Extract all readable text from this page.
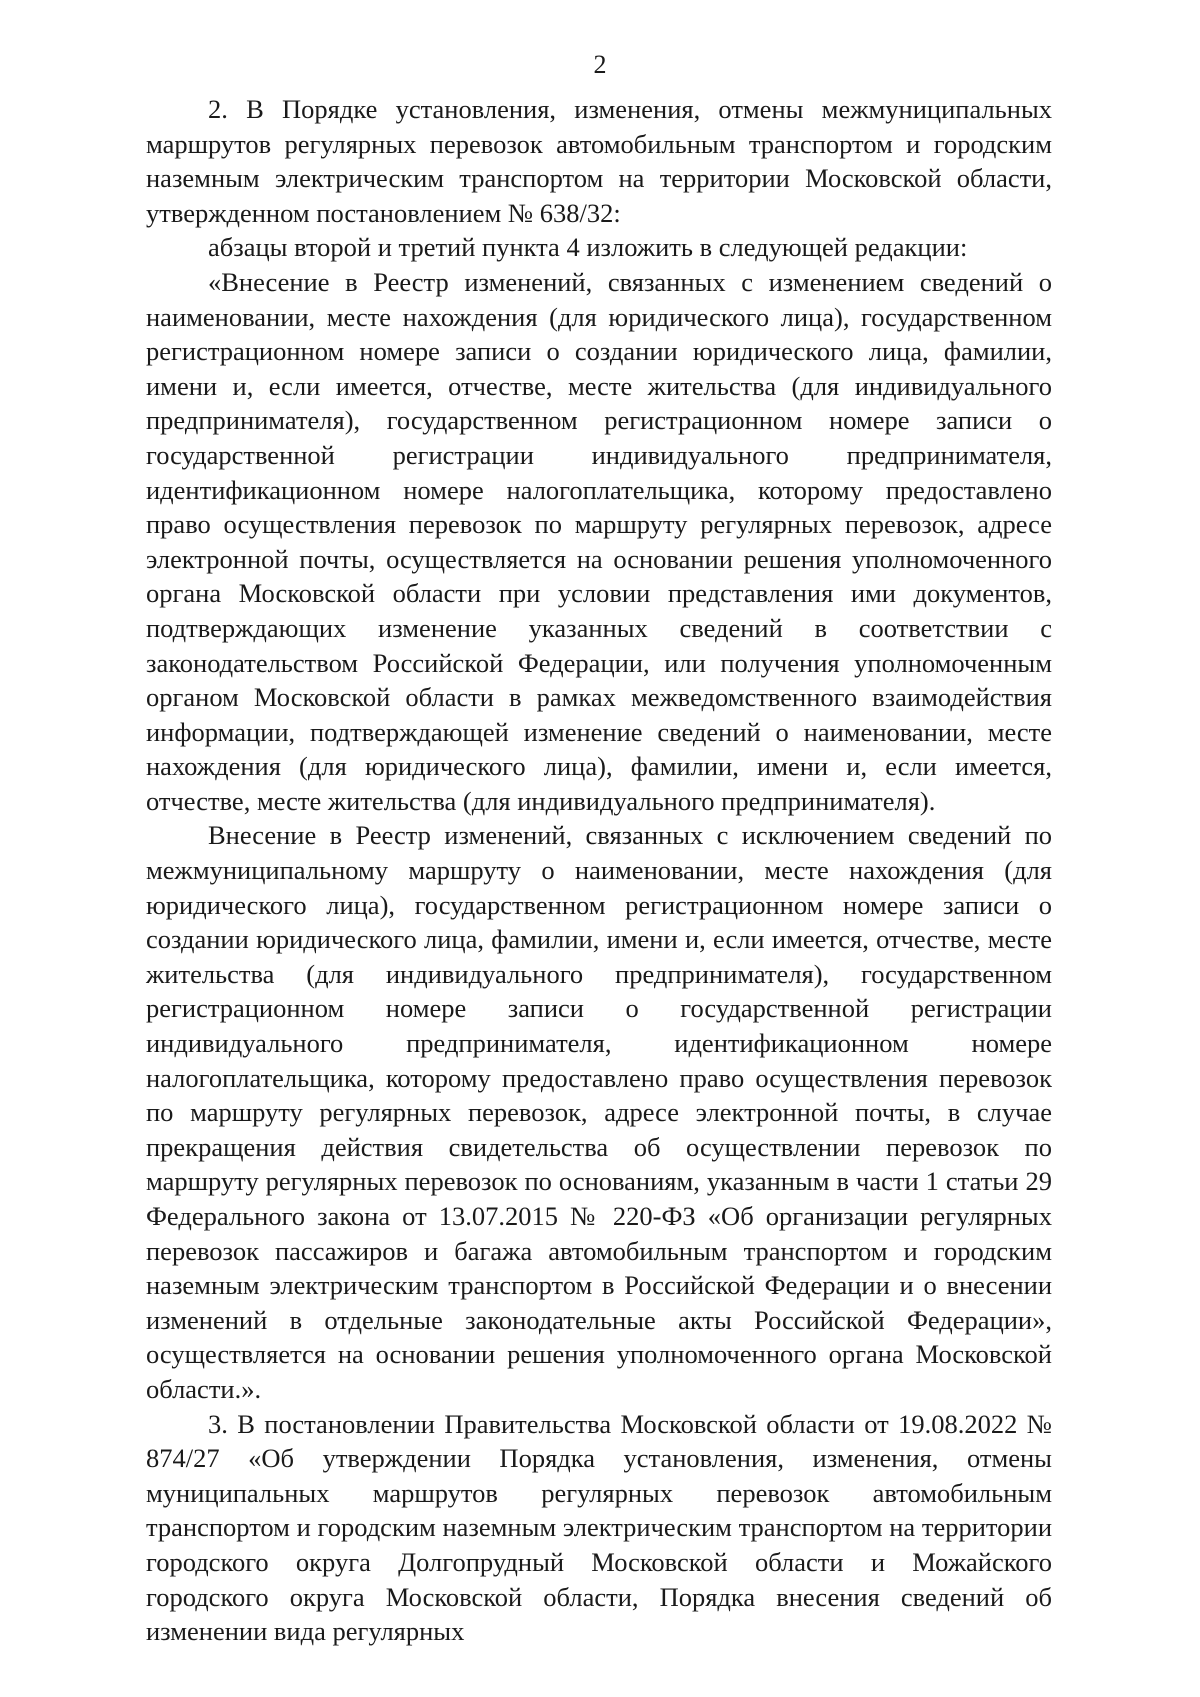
2

2. В Порядке установления, изменения, отмены межмуниципальных маршрутов регулярных перевозок автомобильным транспортом и городским наземным электрическим транспортом на территории Московской области, утвержденном постановлением № 638/32:

абзацы второй и третий пункта 4 изложить в следующей редакции:

«Внесение в Реестр изменений, связанных с изменением сведений о наименовании, месте нахождения (для юридического лица), государственном регистрационном номере записи о создании юридического лица, фамилии, имени и, если имеется, отчестве, месте жительства (для индивидуального предпринимателя), государственном регистрационном номере записи о государственной регистрации индивидуального предпринимателя, идентификационном номере налогоплательщика, которому предоставлено право осуществления перевозок по маршруту регулярных перевозок, адресе электронной почты, осуществляется на основании решения уполномоченного органа Московской области при условии представления ими документов, подтверждающих изменение указанных сведений в соответствии с законодательством Российской Федерации, или получения уполномоченным органом Московской области в рамках межведомственного взаимодействия информации, подтверждающей изменение сведений о наименовании, месте нахождения (для юридического лица), фамилии, имени и, если имеется, отчестве, месте жительства (для индивидуального предпринимателя).

Внесение в Реестр изменений, связанных с исключением сведений по межмуниципальному маршруту о наименовании, месте нахождения (для юридического лица), государственном регистрационном номере записи о создании юридического лица, фамилии, имени и, если имеется, отчестве, месте жительства (для индивидуального предпринимателя), государственном регистрационном номере записи о государственной регистрации индивидуального предпринимателя, идентификационном номере налогоплательщика, которому предоставлено право осуществления перевозок по маршруту регулярных перевозок, адресе электронной почты, в случае прекращения действия свидетельства об осуществлении перевозок по маршруту регулярных перевозок по основаниям, указанным в части 1 статьи 29 Федерального закона от 13.07.2015 № 220-ФЗ «Об организации регулярных перевозок пассажиров и багажа автомобильным транспортом и городским наземным электрическим транспортом в Российской Федерации и о внесении изменений в отдельные законодательные акты Российской Федерации», осуществляется на основании решения уполномоченного органа Московской области.».

3. В постановлении Правительства Московской области от 19.08.2022 № 874/27 «Об утверждении Порядка установления, изменения, отмены муниципальных маршрутов регулярных перевозок автомобильным транспортом и городским наземным электрическим транспортом на территории городского округа Долгопрудный Московской области и Можайского городского округа Московской области, Порядка внесения сведений об изменении вида регулярных
